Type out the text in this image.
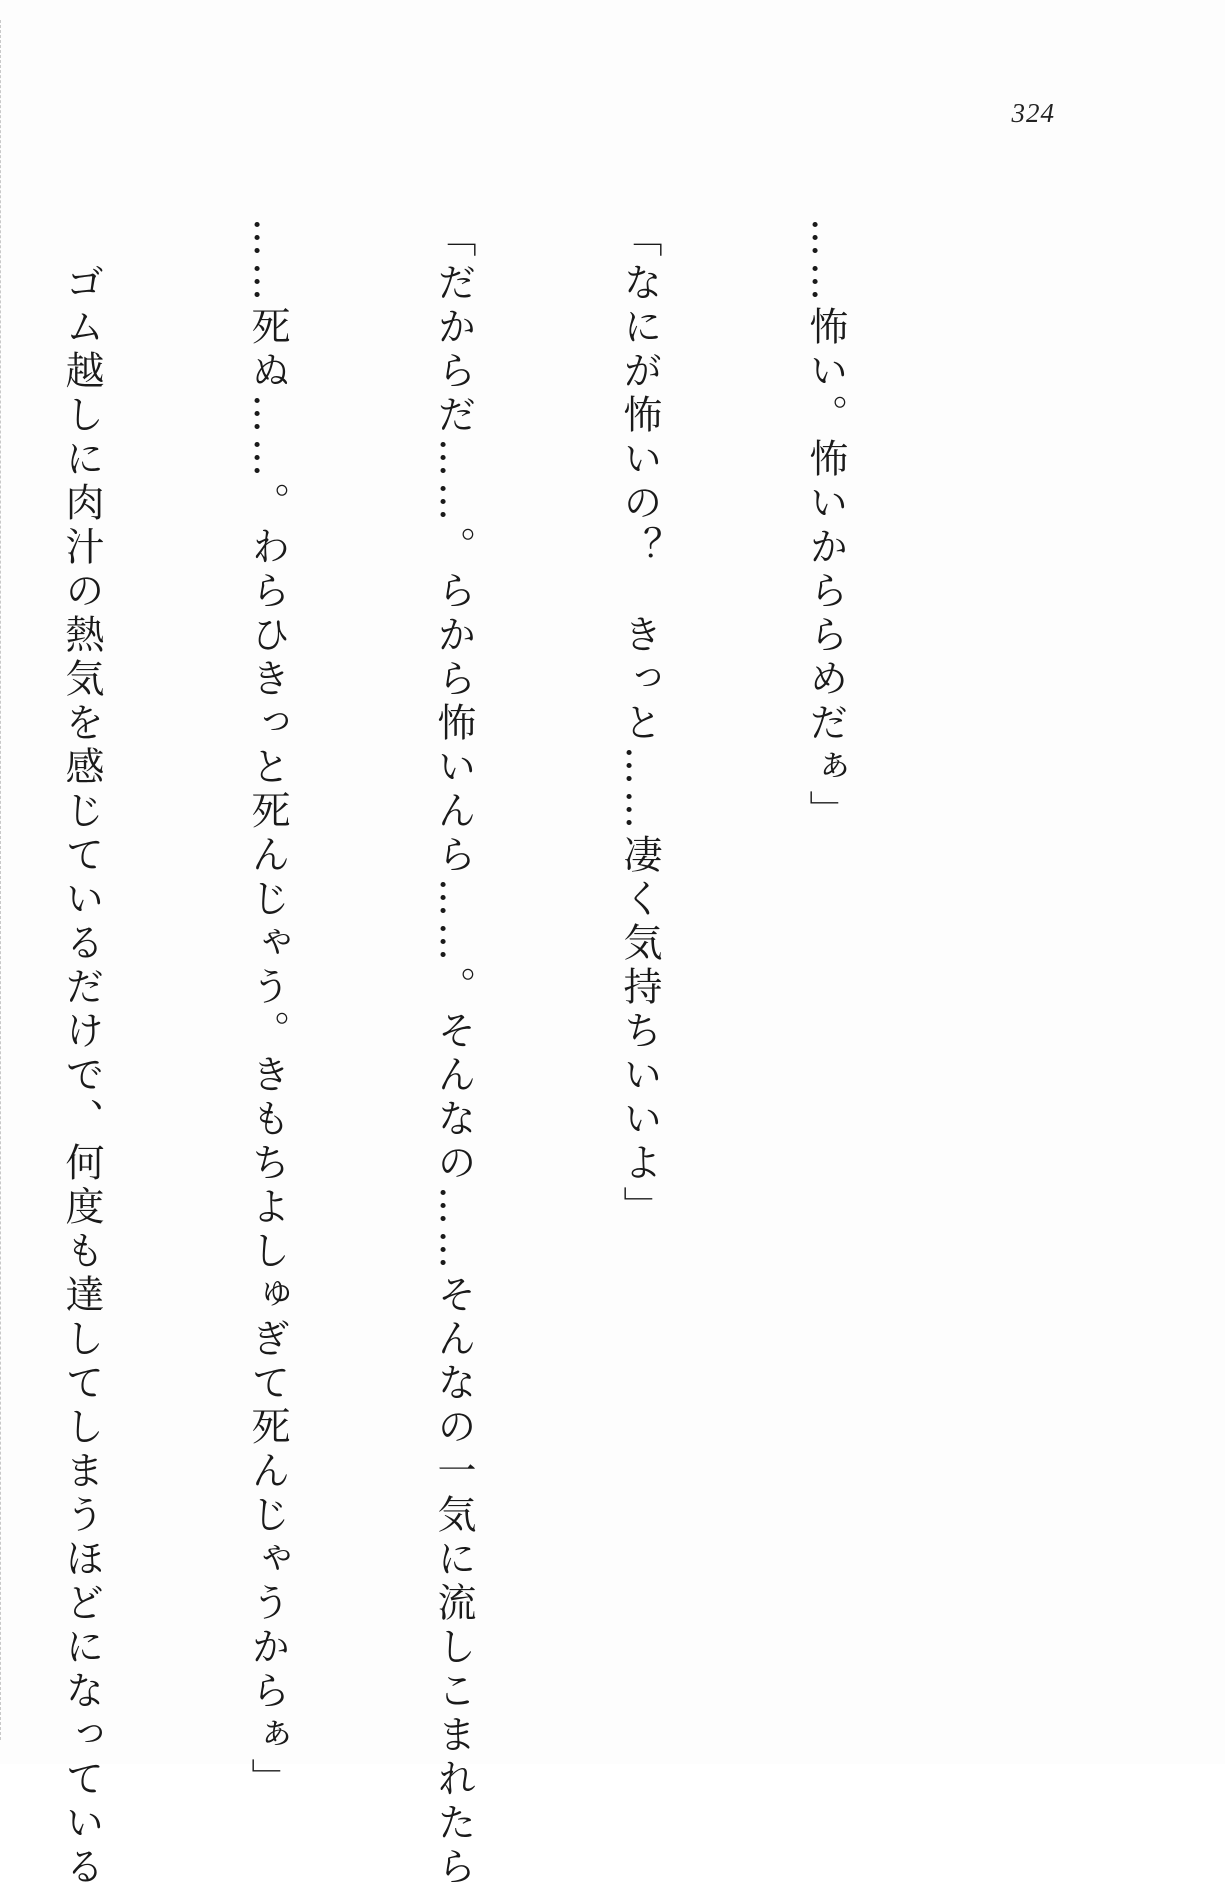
324

……怖い。怖いかららめだぁ」

「なにが怖いの？　きっと……凄く気持ちいいよ」

「だからだ……。らから怖いんら……。そんなの……そんなの一気に流しこまれたら

……死ぬ……。わらひきっと死んじゃう。きもちよしゅぎて死んじゃうからぁ」

　ゴム越しに肉汁の熱気を感じているだけで、何度も達してしまうほどになっている
